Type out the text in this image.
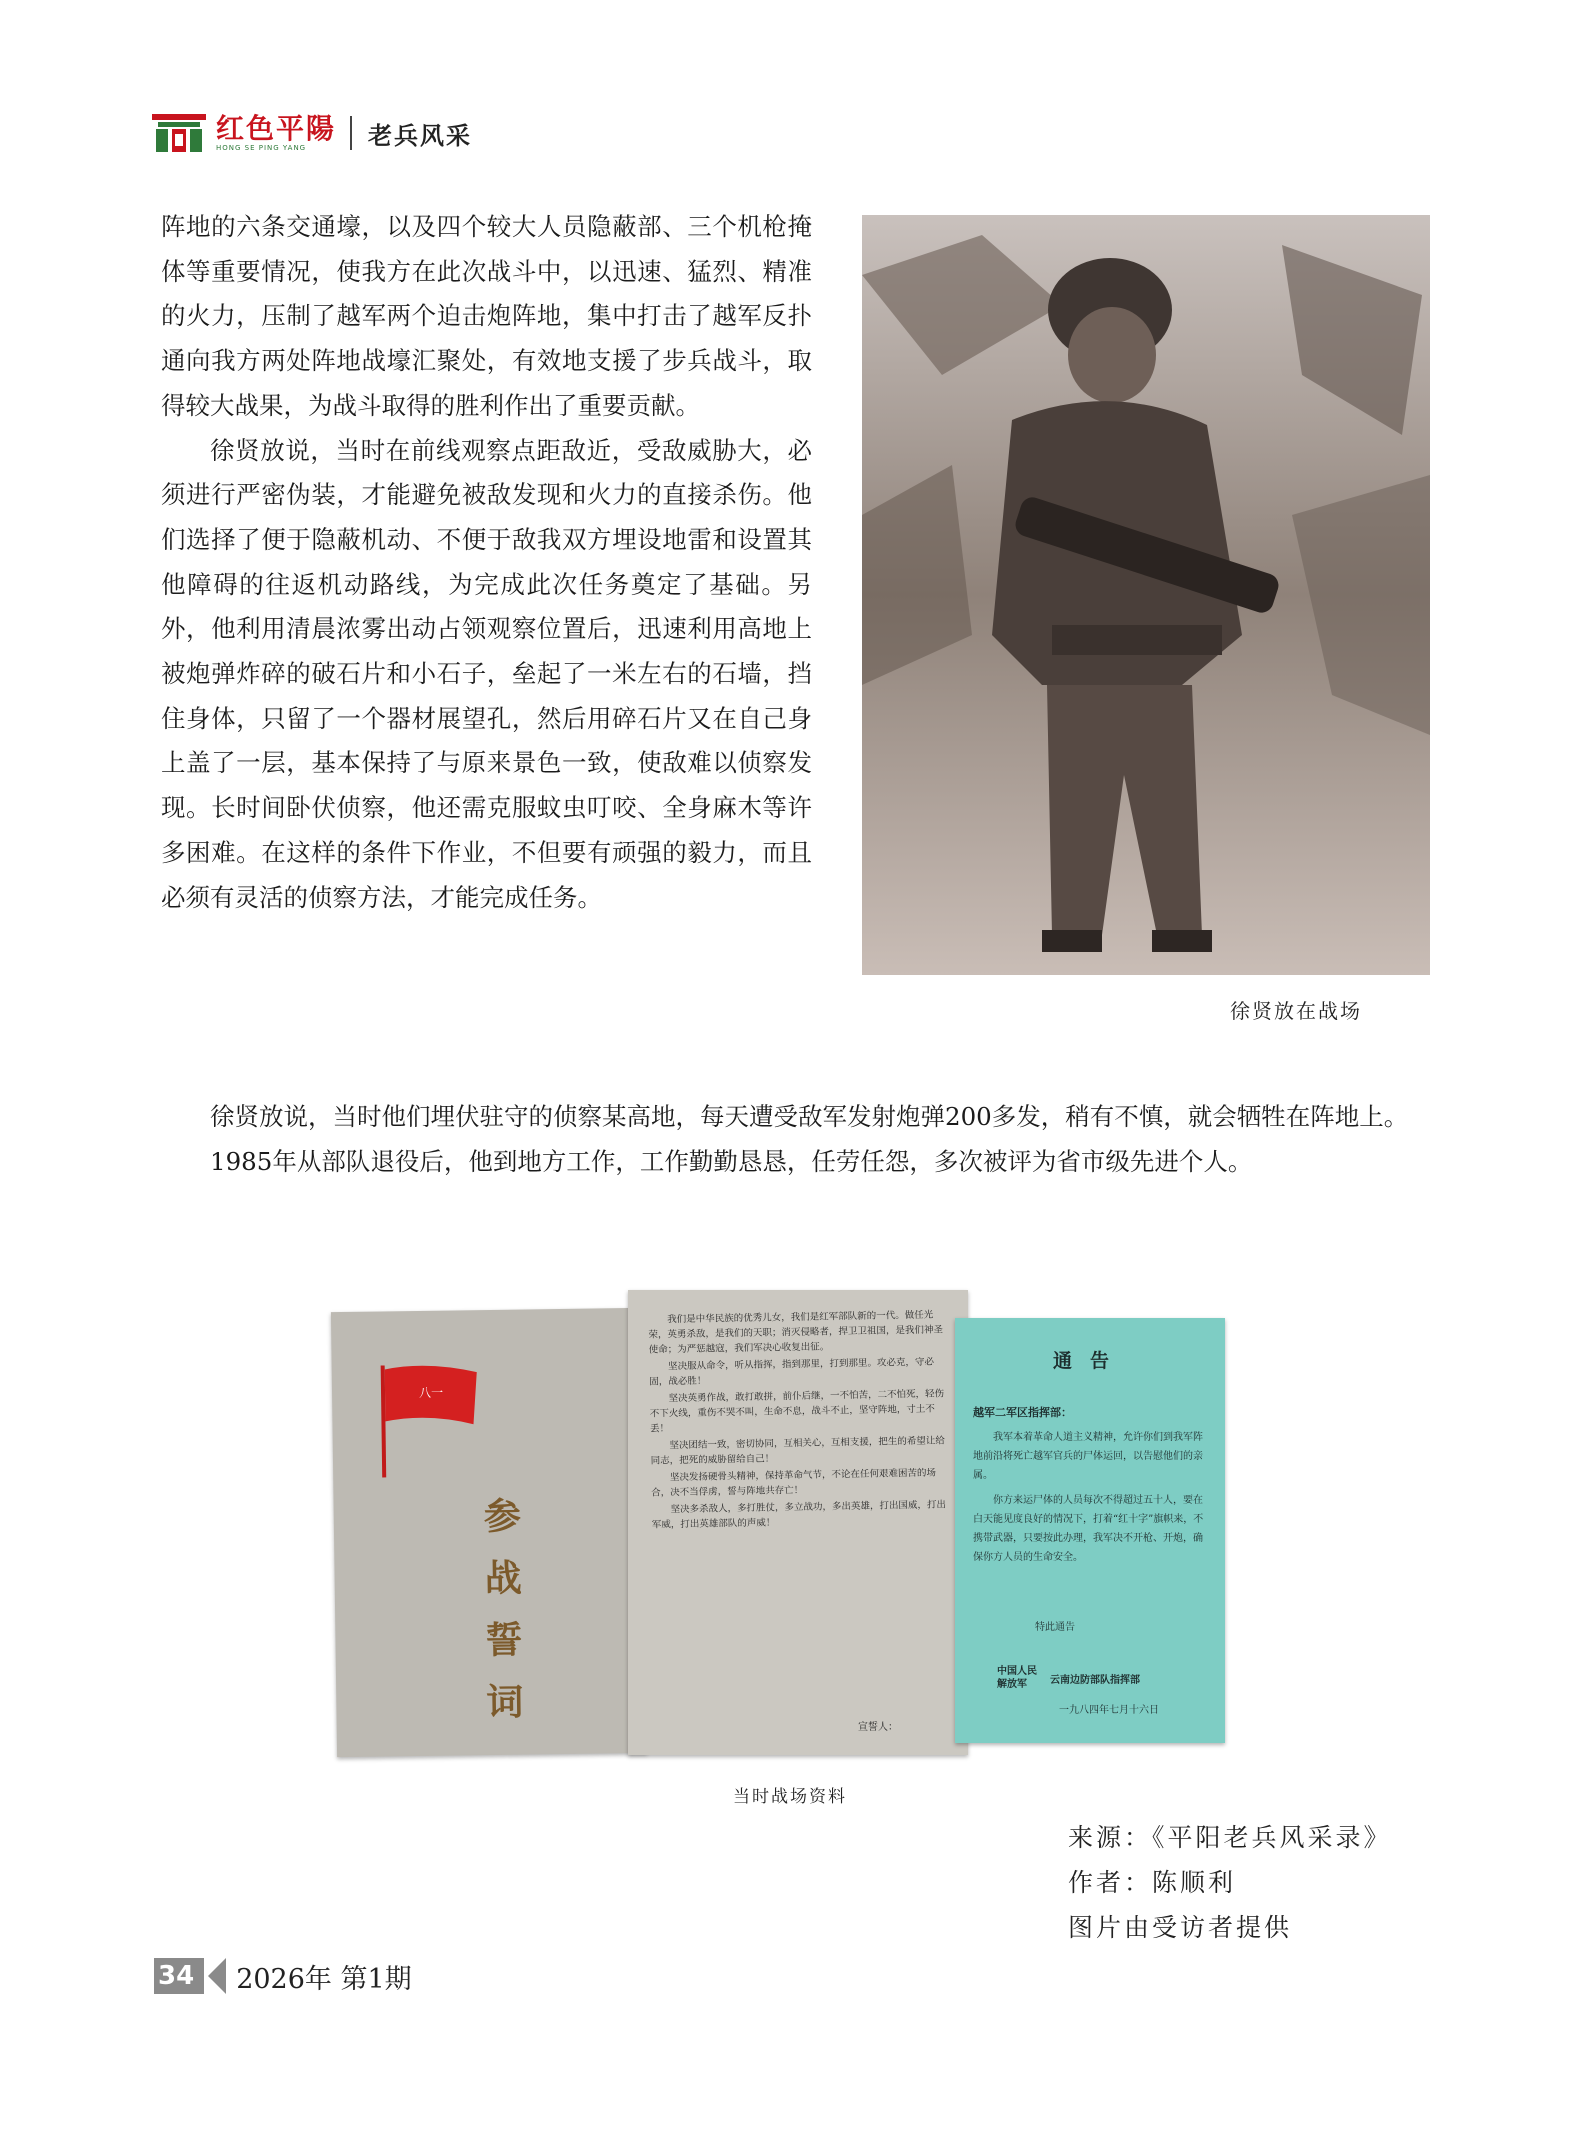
红色平陽
HONG SE PING YANG	老兵风采

阵地的六条交通壕，以及四个较大人员隐蔽部、三个机枪掩体等重要情况，使我方在此次战斗中，以迅速、猛烈、精准的火力，压制了越军两个迫击炮阵地，集中打击了越军反扑通向我方两处阵地战壕汇聚处，有效地支援了步兵战斗，取得较大战果，为战斗取得的胜利作出了重要贡献。

徐贤放说，当时在前线观察点距敌近，受敌威胁大，必须进行严密伪装，才能避免被敌发现和火力的直接杀伤。他们选择了便于隐蔽机动、不便于敌我双方埋设地雷和设置其他障碍的往返机动路线，为完成此次任务奠定了基础。另外，他利用清晨浓雾出动占领观察位置后，迅速利用高地上被炮弹炸碎的破石片和小石子，垒起了一米左右的石墙，挡住身体，只留了一个器材展望孔，然后用碎石片又在自己身上盖了一层，基本保持了与原来景色一致，使敌难以侦察发现。长时间卧伏侦察，他还需克服蚊虫叮咬、全身麻木等许多困难。在这样的条件下作业，不但要有顽强的毅力，而且必须有灵活的侦察方法，才能完成任务。

徐贤放在战场

徐贤放说，当时他们埋伏驻守的侦察某高地，每天遭受敌军发射炮弹200多发，稍有不慎，就会牺牲在阵地上。

1985年从部队退役后，他到地方工作，工作勤勤恳恳，任劳任怨，多次被评为省市级先进个人。

八一
参战誓词

我们是中华民族的优秀儿女，我们是红军部队新的一代。做任光荣，英勇杀敌，是我们的天职；消灭侵略者，捍卫卫祖国，是我们神圣使命；为严惩越寇，我们军决心收复出征。

坚决服从命令，听从指挥，指到那里，打到那里。攻必克，守必固，战必胜！

坚决英勇作战，敢打敢拼，前仆后继，一不怕苦，二不怕死，轻伤不下火线，重伤不哭不叫，生命不息，战斗不止，坚守阵地，寸土不丢！

坚决团结一致，密切协同，互相关心，互相支援，把生的希望让给同志，把死的威胁留给自己！

坚决发扬硬骨头精神，保持革命气节，不论在任何艰难困苦的场合，决不当俘虏，誓与阵地共存亡！

坚决多杀敌人，多打胜仗，多立战功，多出英雄，打出国威，打出军威，打出英雄部队的声威！

宣誓人：
通告
越军二军区指挥部：

我军本着革命人道主义精神，允许你们到我军阵地前沿将死亡越军官兵的尸体运回，以告慰他们的亲属。

你方来运尸体的人员每次不得超过五十人，要在白天能见度良好的情况下，打着“红十字”旗帜来，不携带武器，只要按此办理，我军决不开枪、开炮，确保你方人员的生命安全。

特此通告
中国人民解放军	云南边防部队指挥部
一九八四年七月十六日
当时战场资料
来源：《平阳老兵风采录》
作者：陈顺利
图片由受访者提供
34	2026年 第1期
